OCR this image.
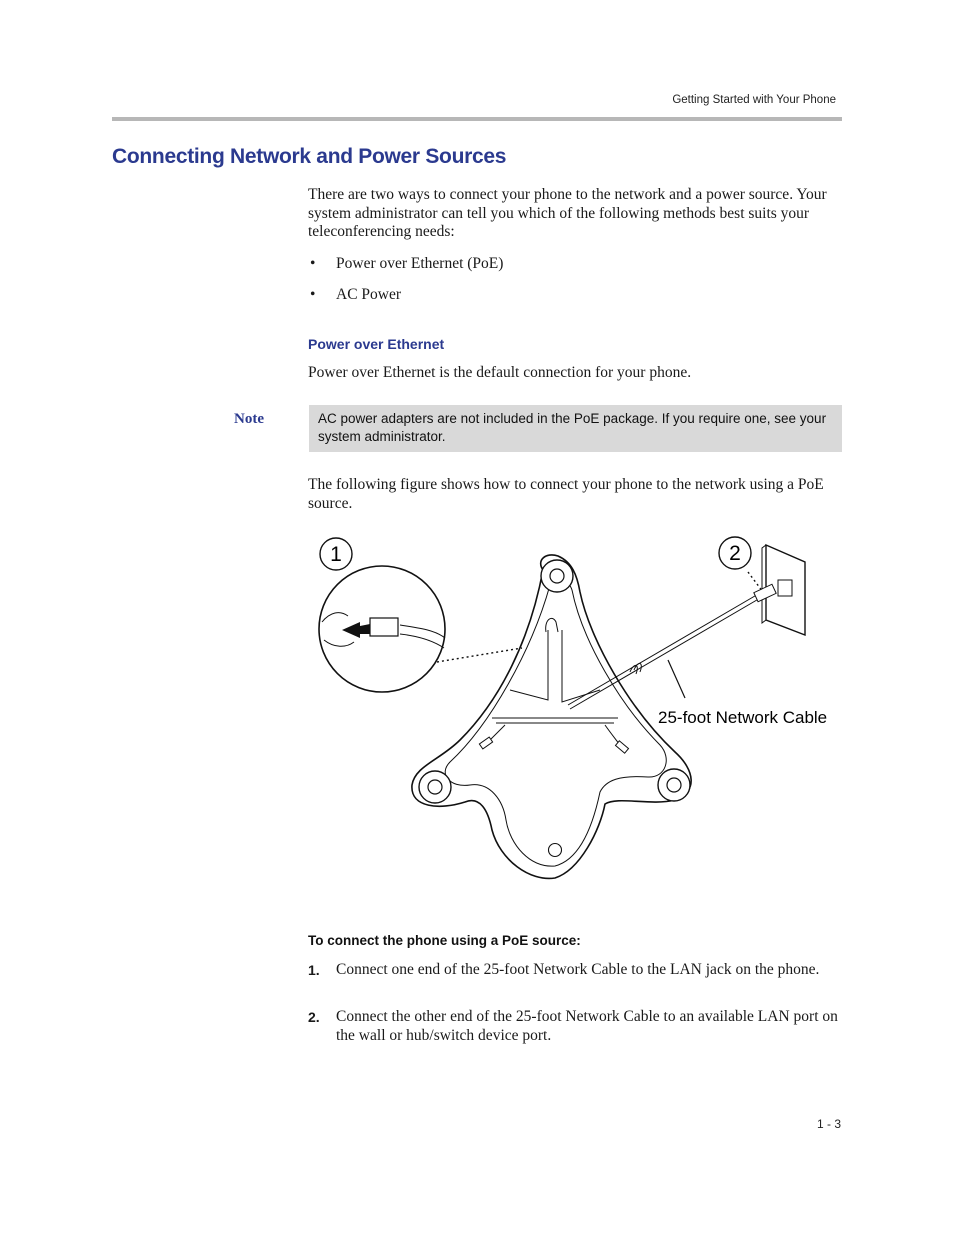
Getting Started with Your Phone
Connecting Network and Power Sources

There are two ways to connect your phone to the network and a power source. Your system administrator can tell you which of the following methods best suits your teleconferencing needs:

• Power over Ethernet (PoE)
• AC Power
Power over Ethernet

Power over Ethernet is the default connection for your phone.

Note	AC power adapters are not included in the PoE package. If you require one, see your system administrator.

The following figure shows how to connect your phone to the network using a PoE source.

1	2
25-foot Network Cable
To connect the phone using a PoE source:
1. Connect one end of the 25-foot Network Cable to the LAN jack on the phone.
2. Connect the other end of the 25-foot Network Cable to an available LAN port on the wall or hub/switch device port.
1 - 3
